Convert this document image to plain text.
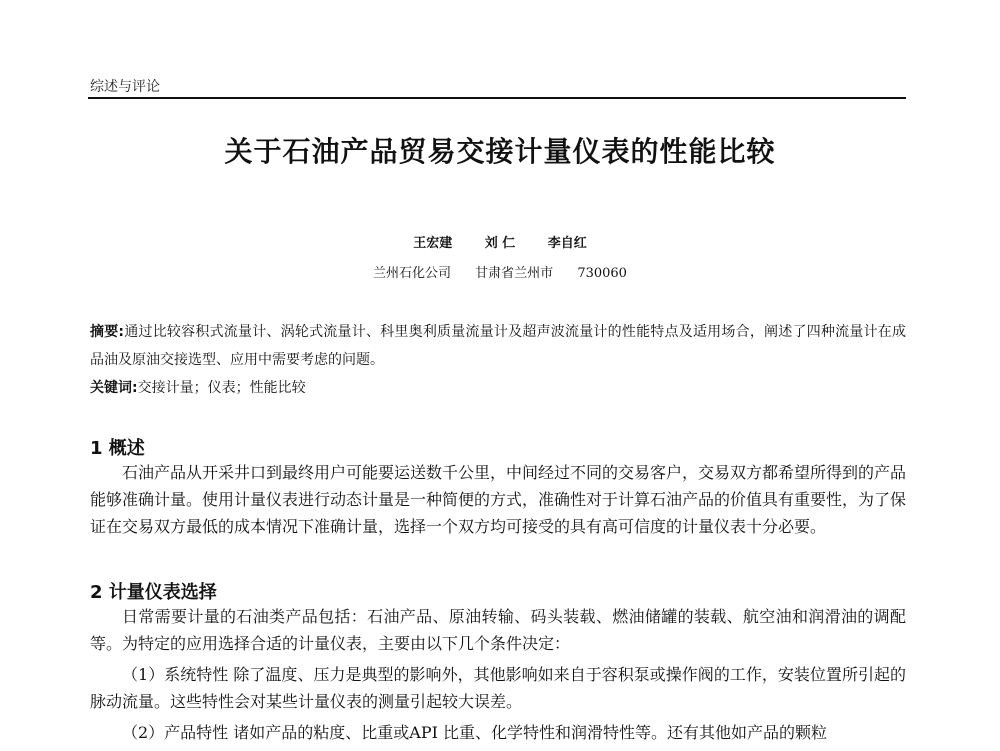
综述与评论
关于石油产品贸易交接计量仪表的性能比较
王宏建	刘 仁	李自红
兰州石化公司 甘肃省兰州市 730060
摘要:通过比较容积式流量计、涡轮式流量计、科里奥利质量流量计及超声波流量计的性能特点及适用场合，阐述了四种流量计在成品油及原油交接选型、应用中需要考虑的问题。
关键词:交接计量；仪表；性能比较
1 概述

石油产品从开采井口到最终用户可能要运送数千公里，中间经过不同的交易客户，交易双方都希望所得到的产品能够准确计量。使用计量仪表进行动态计量是一种简便的方式，准确性对于计算石油产品的价值具有重要性，为了保证在交易双方最低的成本情况下准确计量，选择一个双方均可接受的具有高可信度的计量仪表十分必要。

2 计量仪表选择

日常需要计量的石油类产品包括：石油产品、原油转输、码头装载、燃油储罐的装载、航空油和润滑油的调配等。为特定的应用选择合适的计量仪表，主要由以下几个条件决定：

（1）系统特性 除了温度、压力是典型的影响外，其他影响如来自于容积泵或操作阀的工作，安装位置所引起的脉动流量。这些特性会对某些计量仪表的测量引起较大误差。

（2）产品特性 诸如产品的粘度、比重或API 比重、化学特性和润滑特性等。还有其他如产品的颗粒
